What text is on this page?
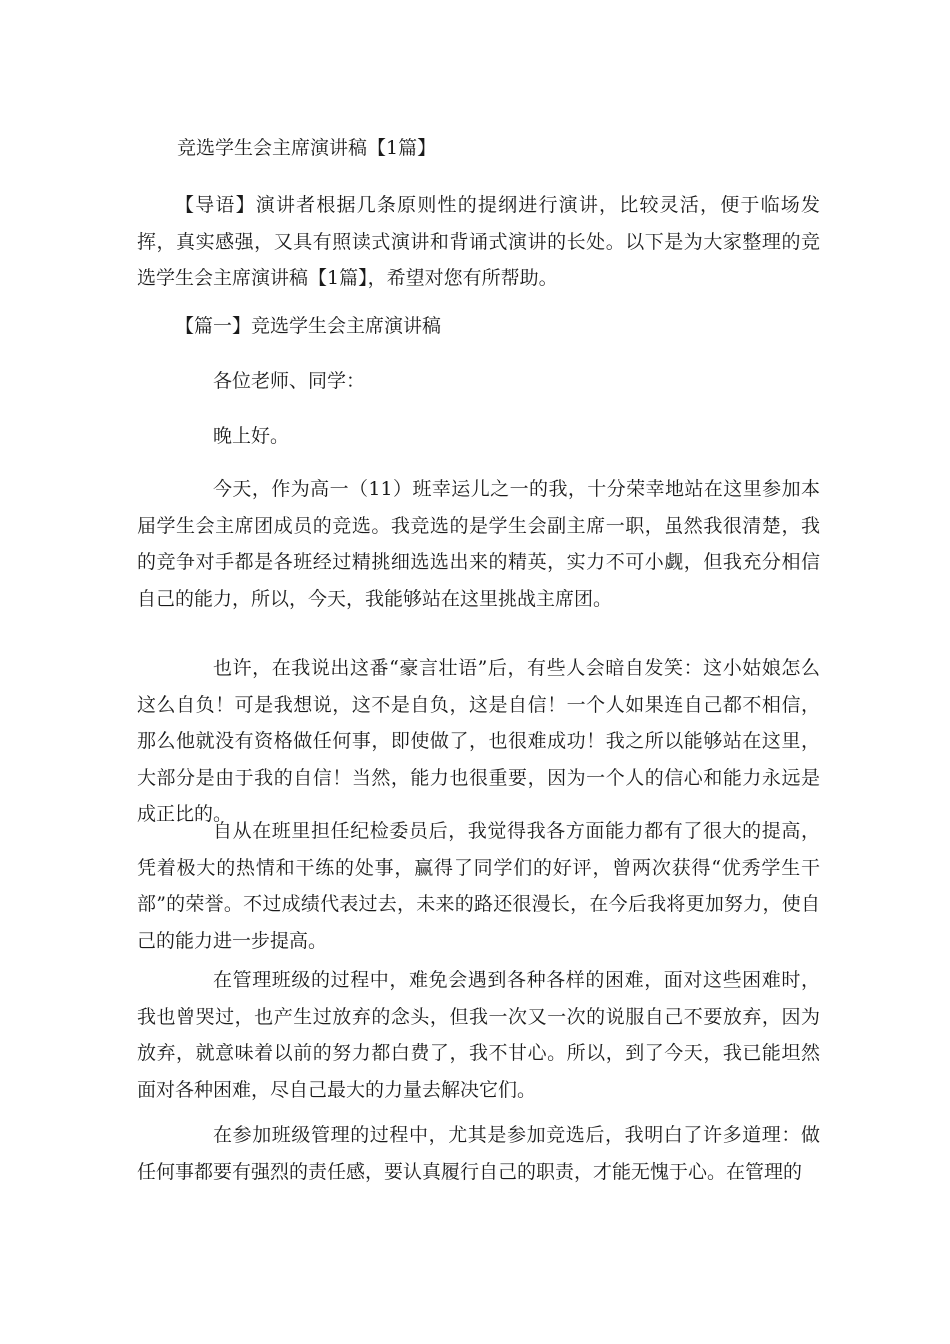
竞选学生会主席演讲稿【1篇】

【导语】演讲者根据几条原则性的提纲进行演讲，比较灵活，便于临场发挥，真实感强，又具有照读式演讲和背诵式演讲的长处。以下是为大家整理的竞选学生会主席演讲稿【1篇】，希望对您有所帮助。

【篇一】竞选学生会主席演讲稿
各位老师、同学：
晚上好。

今天，作为高一（11）班幸运儿之一的我，十分荣幸地站在这里参加本届学生会主席团成员的竞选。我竞选的是学生会副主席一职，虽然我很清楚，我的竞争对手都是各班经过精挑细选选出来的精英，实力不可小觑，但我充分相信自己的能力，所以，今天，我能够站在这里挑战主席团。

也许，在我说出这番“豪言壮语”后，有些人会暗自发笑：这小姑娘怎么这么自负！可是我想说，这不是自负，这是自信！一个人如果连自己都不相信，那么他就没有资格做任何事，即使做了，也很难成功！我之所以能够站在这里，大部分是由于我的自信！当然，能力也很重要，因为一个人的信心和能力永远是成正比的。

自从在班里担任纪检委员后，我觉得我各方面能力都有了很大的提高，凭着极大的热情和干练的处事，赢得了同学们的好评，曾两次获得“优秀学生干部”的荣誉。不过成绩代表过去，未来的路还很漫长，在今后我将更加努力，使自己的能力进一步提高。

在管理班级的过程中，难免会遇到各种各样的困难，面对这些困难时，我也曾哭过，也产生过放弃的念头，但我一次又一次的说服自己不要放弃，因为放弃，就意味着以前的努力都白费了，我不甘心。所以，到了今天，我已能坦然面对各种困难，尽自己最大的力量去解决它们。

在参加班级管理的过程中，尤其是参加竞选后，我明白了许多道理：做任何事都要有强烈的责任感，要认真履行自己的职责，才能无愧于心。在管理的
